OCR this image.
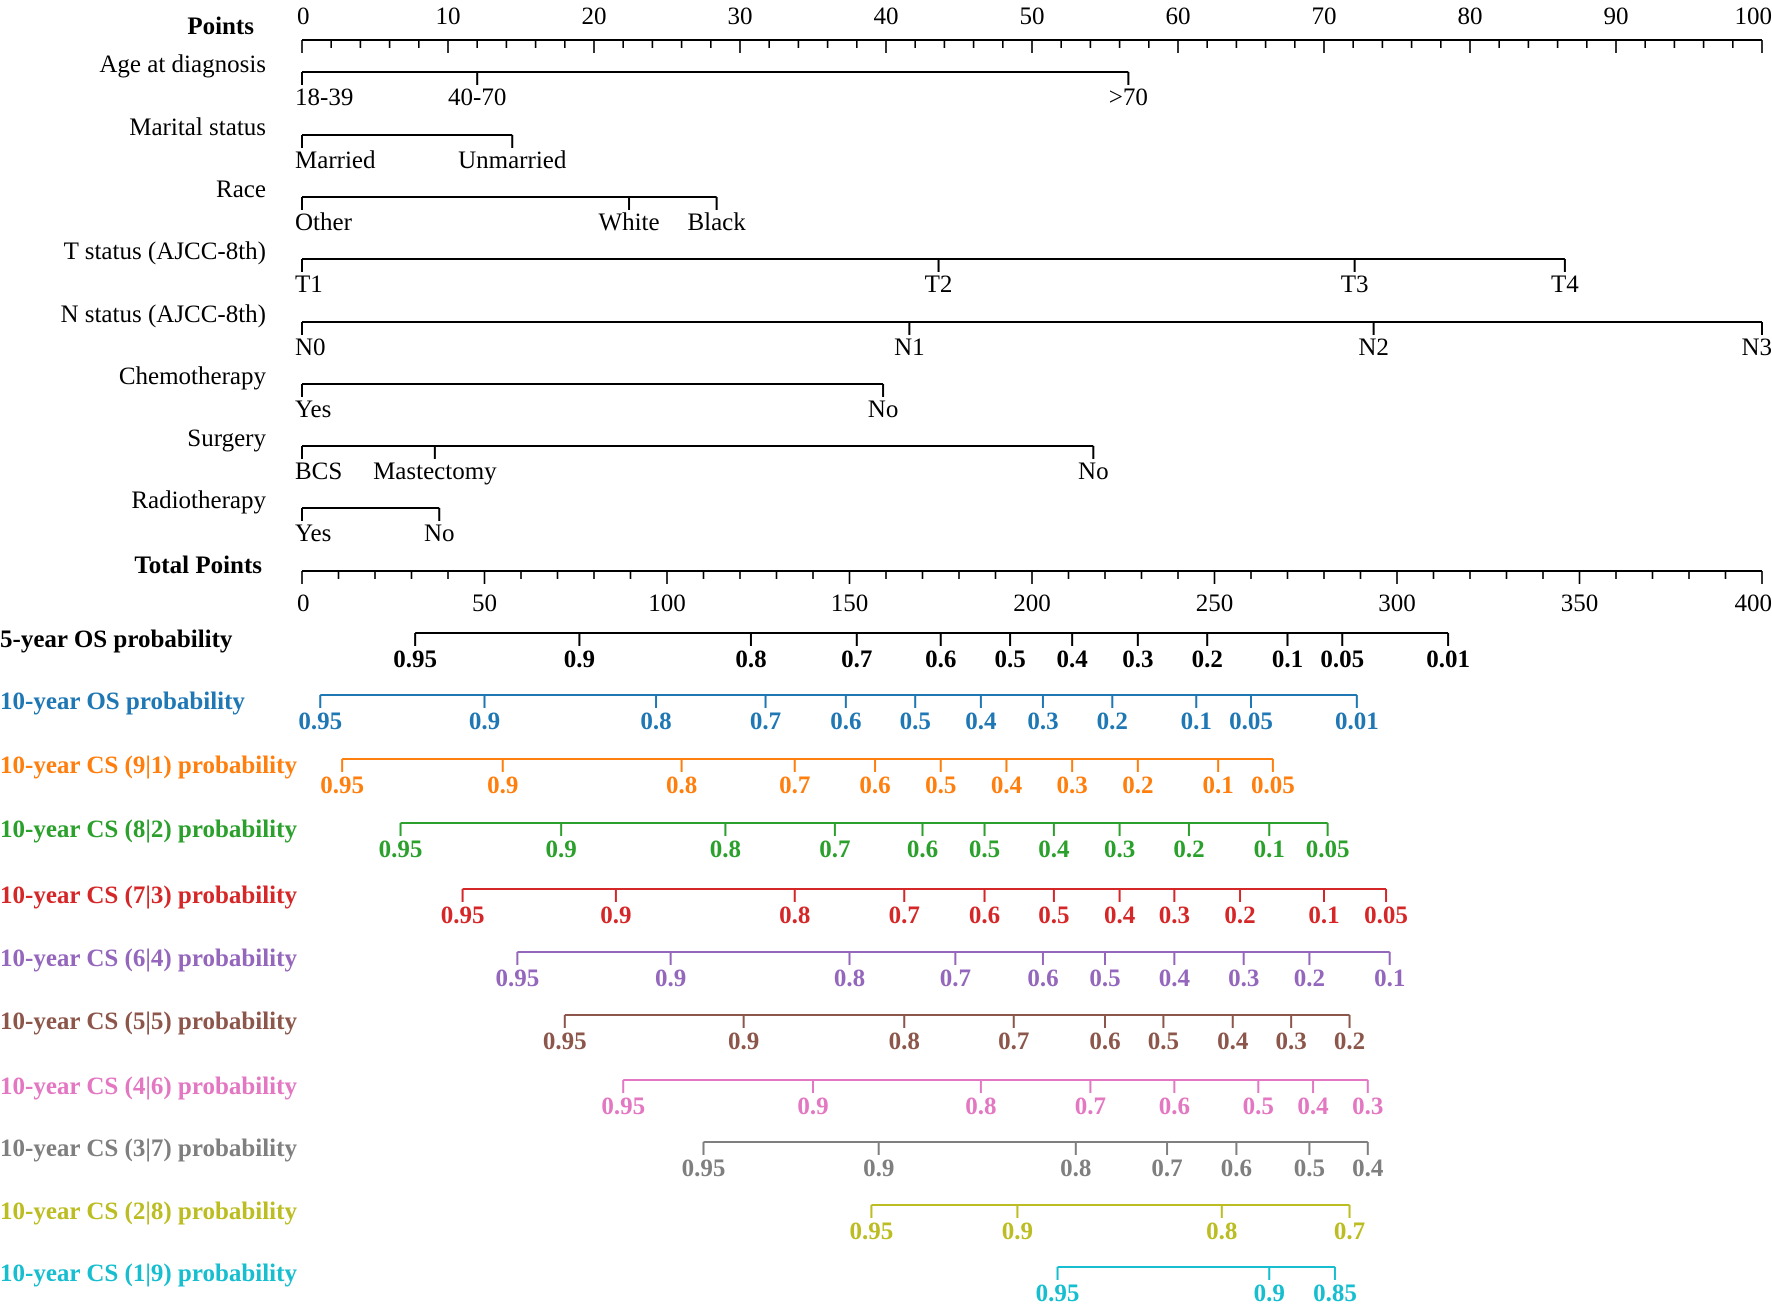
Points 0	10	20	30	40	50	60	70	80	90	100
Age at diagnosis
18-39	40-70	>70
Marital status
Married	Unmarried
Race
Other	White Black
T status (AJCC-8th)
T1	T2	T3	T4
N status (AJCC-8th)
N0	N1	N2	N3
Chemotherapy
Yes	No
Surgery
BCS Mastectomy	No
Radiotherapy
Yes	No
Total Points
0	50	100	150	200	250	300	350	400
5-year OS probability
0.95	0.9	0.8	0.7 0.6 0.5 0.4 0.3 0.2 0.1 0.05 0.01
10-year OS probability
0.95	0.9	0.8	0.7 0.6 0.5 0.4 0.3 0.2 0.1 0.05 0.01
10-year CS (9|1) probability
0.95	0.9	0.8	0.7 0.6 0.5 0.4 0.3 0.2 0.1 0.05
10-year CS (8|2) probability
0.95	0.9	0.8	0.7 0.6 0.5 0.4 0.3 0.2 0.1 0.05
10-year CS (7|3) probability
0.95	0.9	0.8	0.7 0.6 0.5 0.4 0.3 0.2 0.1 0.05
10-year CS (6|4) probability
0.95	0.9	0.8	0.7 0.6 0.5 0.4 0.3 0.2 0.1
10-year CS (5|5) probability
0.95	0.9	0.8	0.7 0.6 0.5 0.4 0.3 0.2
10-year CS (4|6) probability
0.95	0.9	0.8	0.7 0.6 0.5 0.4 0.3
10-year CS (3|7) probability
0.95	0.9	0.8 0.7 0.6 0.5 0.4
10-year CS (2|8) probability
0.95	0.9	0.8	0.7
10-year CS (1|9) probability
0.95	0.9 0.85
